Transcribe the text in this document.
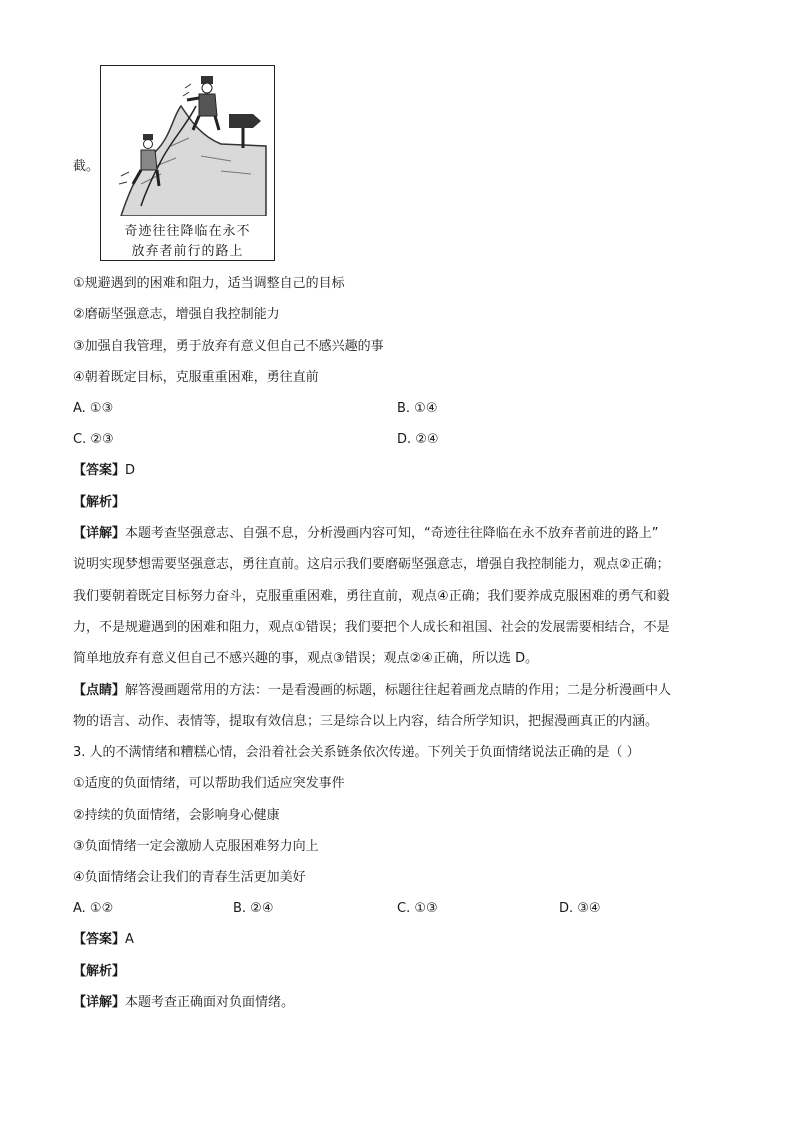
截。
奇迹往往降临在永不
放弃者前行的路上
①规避遇到的困难和阻力，适当调整自己的目标
②磨砺坚强意志，增强自我控制能力
③加强自我管理，勇于放弃有意义但自己不感兴趣的事
④朝着既定目标，克服重重困难，勇往直前
A. ①③	B. ①④
C. ②③	D. ②④
【答案】D
【解析】
【详解】本题考查坚强意志、自强不息，分析漫画内容可知，“奇迹往往降临在永不放弃者前进的路上”
说明实现梦想需要坚强意志，勇往直前。这启示我们要磨砺坚强意志，增强自我控制能力，观点②正确；
我们要朝着既定目标努力奋斗，克服重重困难，勇往直前，观点④正确；我们要养成克服困难的勇气和毅
力，不是规避遇到的困难和阻力，观点①错误；我们要把个人成长和祖国、社会的发展需要相结合，不是
简单地放弃有意义但自己不感兴趣的事，观点③错误；观点②④正确，所以选 D。
【点睛】解答漫画题常用的方法：一是看漫画的标题，标题往往起着画龙点睛的作用；二是分析漫画中人
物的语言、动作、表情等，提取有效信息；三是综合以上内容，结合所学知识，把握漫画真正的内涵。
3. 人的不满情绪和糟糕心情，会沿着社会关系链条依次传递。下列关于负面情绪说法正确的是（ ）
①适度的负面情绪，可以帮助我们适应突发事件
②持续的负面情绪，会影响身心健康
③负面情绪一定会激励人克服困难努力向上
④负面情绪会让我们的青春生活更加美好
A. ①②	B. ②④	C. ①③	D. ③④
【答案】A
【解析】
【详解】本题考查正确面对负面情绪。
